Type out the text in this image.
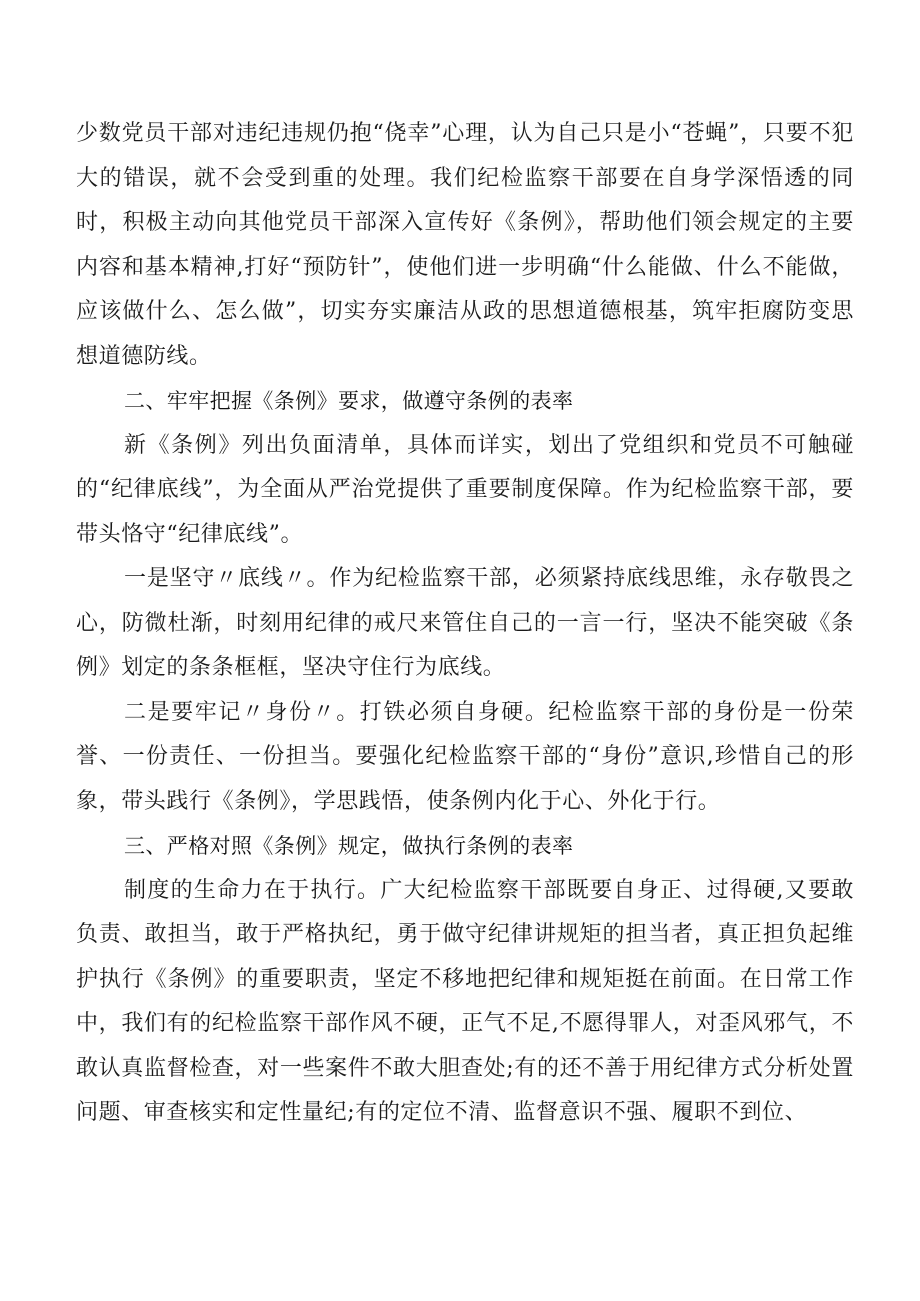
少数党员干部对违纪违规仍抱“侥幸”心理，认为自己只是小“苍蝇”，只要不犯大的错误，就不会受到重的处理。我们纪检监察干部要在自身学深悟透的同时，积极主动向其他党员干部深入宣传好《条例》，帮助他们领会规定的主要内容和基本精神,打好“预防针”，使他们进一步明确“什么能做、什么不能做，应该做什么、怎么做”，切实夯实廉洁从政的思想道德根基，筑牢拒腐防变思想道德防线。

二、牢牢把握《条例》要求，做遵守条例的表率

新《条例》列出负面清单，具体而详实，划出了党组织和党员不可触碰的“纪律底线”，为全面从严治党提供了重要制度保障。作为纪检监察干部，要带头恪守“纪律底线”。

一是坚守〃底线〃。作为纪检监察干部，必须紧持底线思维，永存敬畏之心，防微杜渐，时刻用纪律的戒尺来管住自己的一言一行，坚决不能突破《条例》划定的条条框框，坚决守住行为底线。

二是要牢记〃身份〃。打铁必须自身硬。纪检监察干部的身份是一份荣誉、一份责任、一份担当。要强化纪检监察干部的“身份”意识,珍惜自己的形象，带头践行《条例》，学思践悟，使条例内化于心、外化于行。

三、严格对照《条例》规定，做执行条例的表率

制度的生命力在于执行。广大纪检监察干部既要自身正、过得硬,又要敢负责、敢担当，敢于严格执纪，勇于做守纪律讲规矩的担当者，真正担负起维护执行《条例》的重要职责，坚定不移地把纪律和规矩挺在前面。在日常工作中，我们有的纪检监察干部作风不硬，正气不足,不愿得罪人，对歪风邪气，不敢认真监督检查，对一些案件不敢大胆查处;有的还不善于用纪律方式分析处置问题、审查核实和定性量纪;有的定位不清、监督意识不强、履职不到位、
